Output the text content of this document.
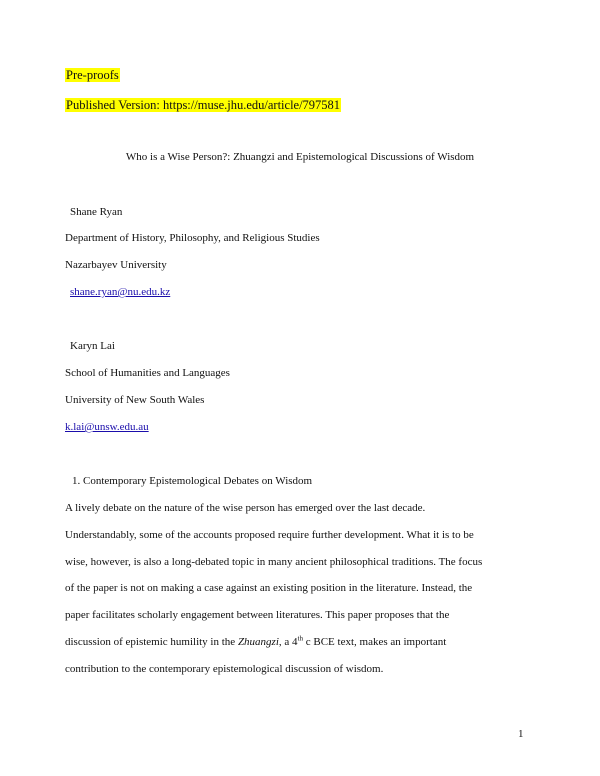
Pre-proofs
Published Version: https://muse.jhu.edu/article/797581
Who is a Wise Person?: Zhuangzi and Epistemological Discussions of Wisdom
Shane Ryan
Department of History, Philosophy, and Religious Studies
Nazarbayev University
shane.ryan@nu.edu.kz
Karyn Lai
School of Humanities and Languages
University of New South Wales
k.lai@unsw.edu.au
1. Contemporary Epistemological Debates on Wisdom
A lively debate on the nature of the wise person has emerged over the last decade.
Understandably, some of the accounts proposed require further development. What it is to be
wise, however, is also a long-debated topic in many ancient philosophical traditions. The focus
of the paper is not on making a case against an existing position in the literature. Instead, the
paper facilitates scholarly engagement between literatures. This paper proposes that the
discussion of epistemic humility in the Zhuangzi, a 4th c BCE text, makes an important
contribution to the contemporary epistemological discussion of wisdom.
1
